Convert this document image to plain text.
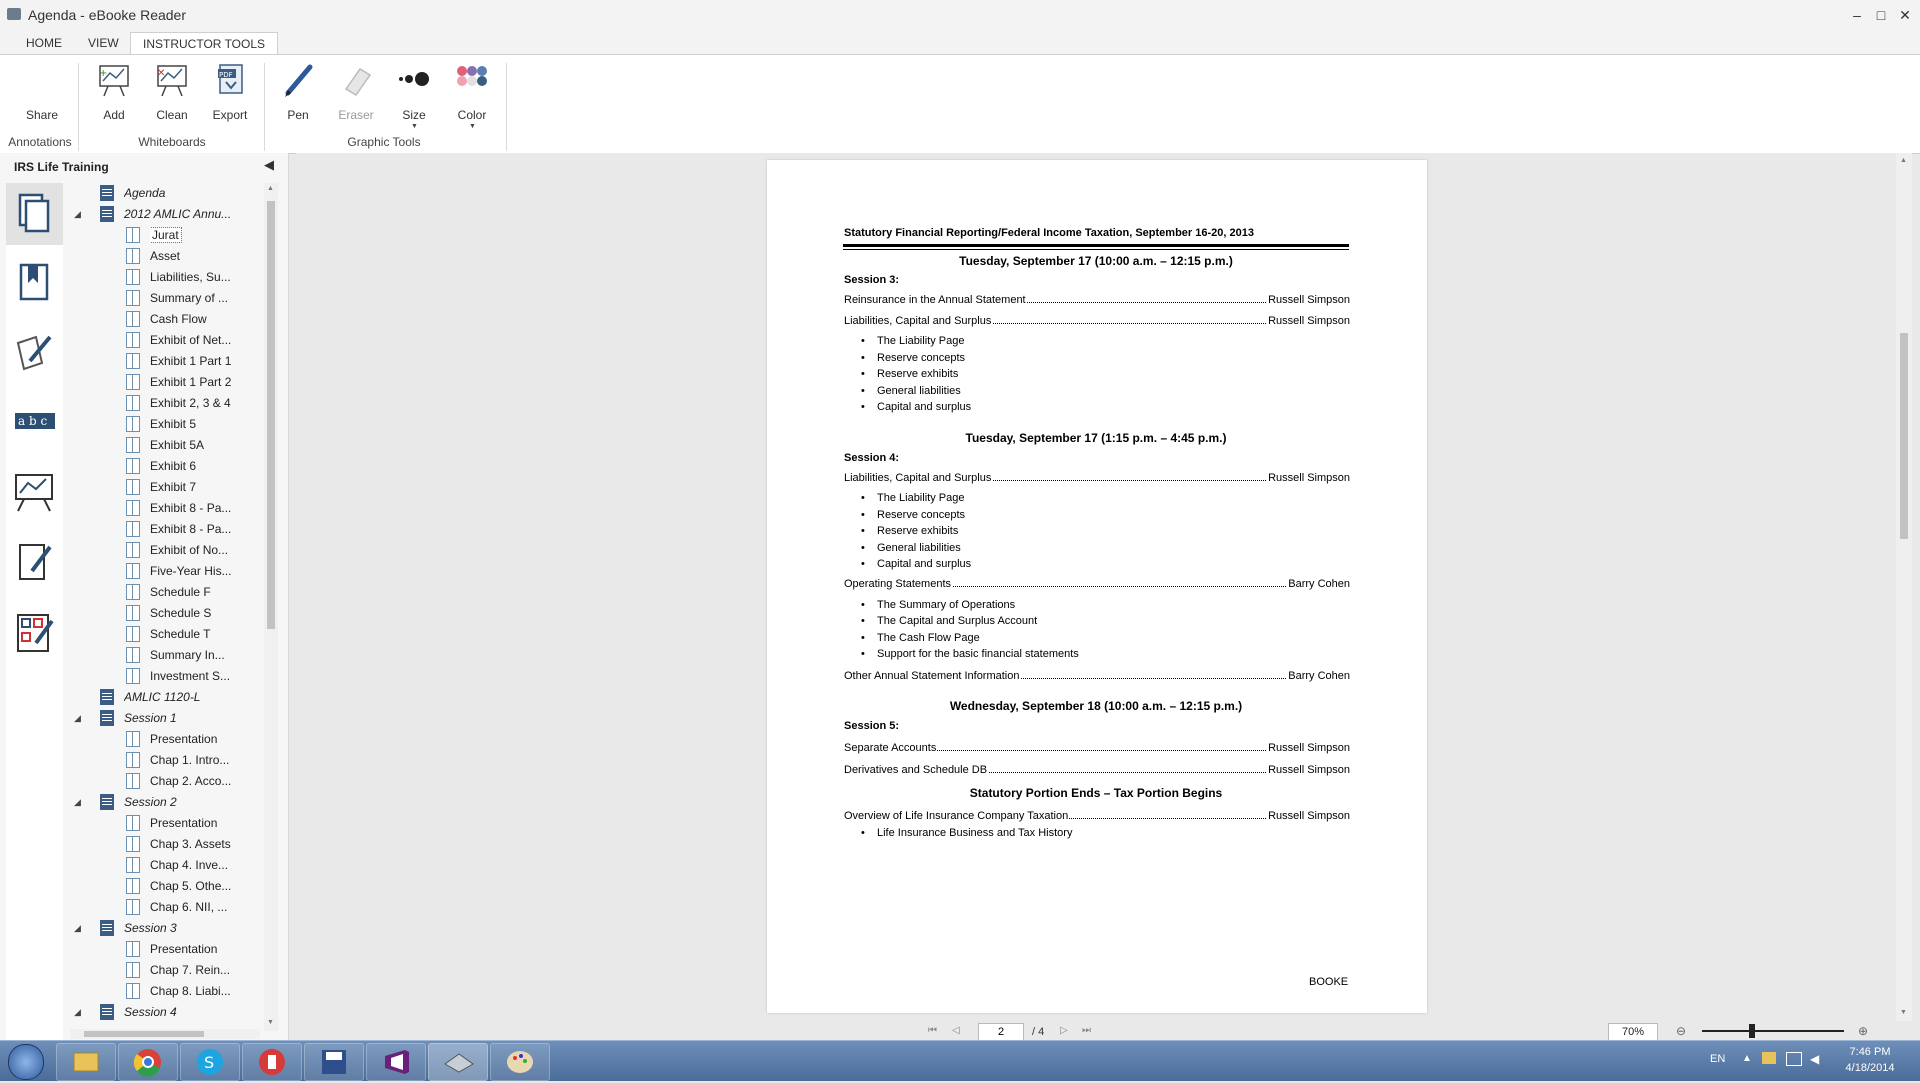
Agenda - eBooke Reader	–	□ ✕
HOME	VIEW	INSTRUCTOR TOOLS
Share
Annotations
+
Add
✕
Clean
PDF
Export
Whiteboards
Pen	Eraser	Size
▼
Color
▼
Graphic Tools
IRS Life Training	◀
a b c
Agenda
◢	2012 AMLIC Annu...
Jurat
Asset
Liabilities, Su...
Summary of ...
Cash Flow
Exhibit of Net...
Exhibit 1 Part 1
Exhibit 1 Part 2
Exhibit 2, 3 & 4
Exhibit 5
Exhibit 5A
Exhibit 6
Exhibit 7
Exhibit 8 - Pa...
Exhibit 8 - Pa...
Exhibit of No...
Five-Year His...
Schedule F
Schedule S
Schedule T
Summary In...
Investment S...
AMLIC 1120-L
◢	Session 1
Presentation
Chap 1. Intro...
Chap 2. Acco...
◢	Session 2
Presentation
Chap 3. Assets
Chap 4. Inve...
Chap 5. Othe...
Chap 6. NII, ...
◢	Session 3
Presentation
Chap 7. Rein...
Chap 8. Liabi...
◢	Session 4
▲
▼
Statutory Financial Reporting/Federal Income Taxation, September 16-20, 2013
Tuesday, September 17 (10:00 a.m. – 12:15 p.m.)
Session 3:
Reinsurance in the Annual Statement	Russell Simpson
Liabilities, Capital and Surplus	Russell Simpson
• The Liability Page
• Reserve concepts
• Reserve exhibits
• General liabilities
• Capital and surplus
Tuesday, September 17 (1:15 p.m. – 4:45 p.m.)
Session 4:
Liabilities, Capital and Surplus	Russell Simpson
• The Liability Page
• Reserve concepts
• Reserve exhibits
• General liabilities
• Capital and surplus
Operating Statements	Barry Cohen
• The Summary of Operations
• The Capital and Surplus Account
• The Cash Flow Page
• Support for the basic financial statements
Other Annual Statement Information	Barry Cohen
Wednesday, September 18 (10:00 a.m. – 12:15 p.m.)
Session 5:
Separate Accounts	Russell Simpson
Derivatives and Schedule DB	Russell Simpson
Statutory Portion Ends – Tax Portion Begins
Overview of Life Insurance Company Taxation	Russell Simpson
• Life Insurance Business and Tax History
BOOKE
▲
▼
⏮	◁
2	/ 4 ▷	⏭	70%	⊖	⊕
S	EN ▲	◀	7:46 PM
4/18/2014
